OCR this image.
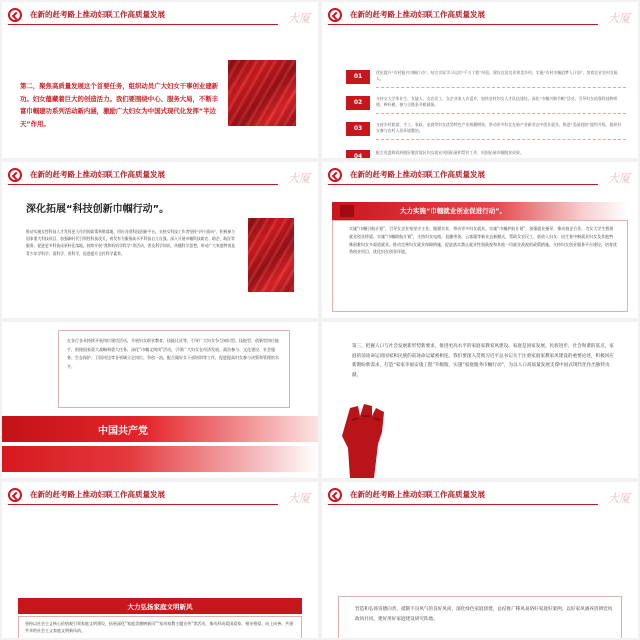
在新的赶考路上推动妇联工作高质量发展	大厦
第二，聚焦高质量发展这个首要任务，组织动员广大妇女干事创业建新功。妇女蕴藏着巨大的创造活力。我们要围绕中心、服务大局，不断丰富巾帼建功系列活动新内涵，激励广大妇女为中国式现代化发挥“半边天”作用。
在新的赶考路上推动妇联工作高质量发展	大厦
01
优化提升“乡村振兴巾帼行动”，结合实际学习运用“千万工程”经验，建设宜居宜业和美乡村。实施“乡村巾帼追梦人计划”，培育农业农村女能人。
02
支持女大学毕业生、女能人、女农民工、女企业家入乡返乡，加快农村妇女人才队伍建设。深化“巾帼兴粮节粮”活动，引导妇女依靠科技种养殖、种好粮、参与全链条节粮减损。
03
支持乡村旅游、手工、家政、电商等妇女优势特色产业规模增效，带动更多妇女在新产业新业态中创业就业。推进“美丽庭院”提档升级，组织妇女参与农村人居环境整治。
04
配合党委和政府做好脱贫地区妇女就业巩固拓展和帮扶工作，巩固拓展巾帼脱贫成果。
在新的赶考路上推动妇联工作高质量发展	大厦
深化拓展“科技创新巾帼行动”。
推动实施女性科技人才发挥更大作用的政策举措落地，用好各类科技创新平台，支持女科技工作者坚持“四个面向”，积极参与国家重大科技项目，加强新时代引领性科技攻关，着发有为服务高水平科技自立自强。深入开展巾帼科技助农、助企、助医等服务，促进更多科技成果转化落地。持续开展“我和妈妈学科学”等活动，普及科学知识，传播科学思想，带动广大家庭特别是青少年学科学、爱科学、用科学，促进提升全民科学素养。
在新的赶考路上推动妇联工作高质量发展	大厦
大力实施“巾帼就业创业促进行动”。
实施“巾帼引航计划”，引导女企业家坚守主业、做强实业，带动更多妇女就业。实施“巾帼护航计划”，加强就业指导，推动校企合作，为女大学生搭建就业创业桥梁。实施“巾帼助航计划”，支持妇女电商、直播带货、云客服等新业态新模式，帮助女农民工、低收入妇女、因生育中断就业妇女及其他特殊困难妇女多渠道就业。推动完善妇女就业保障措施，促进落实禁止就业性别歧视和其他一切就业歧视的政策措施，支持妇女创业服务平台建设，培育优秀创业项目，优化妇女创业环境。
在各行各业持续开展岗位建功活动，开展妇女职业教育、技能比武等，引导广大妇女争当知识型、技能型、创新型岗位能手，围绕国家重大战略和重大任务，深化“巾帼文明岗”活动，引领广大妇女在经济发展、政治参与、文化建设、社会服务、生态保护、卫国戍边等各领域立足岗位、争创一流。配合做好女干部培训等工作，促进提高妇女参与决策和管理的水平。
中国共产党
第三，把握人口与社会发展新形势新要求，推进更高水平的家庭家教家风建设。家庭是国家发展、民族进步、社会和谐的基点，家庭的前途命运同国家和民族的前途命运紧密相连。我们要深入贯彻习近平总书记关于注重家庭家教家风建设的重要论述，积极回应新期盼新需求，打造“家家幸福安康工程”升级版，实施“家庭服务巾帼行动”，为以人口高质量发展支撑中国式现代化作出独特贡献。
在新的赶考路上推动妇联工作高质量发展	大厦
大力弘扬家庭文明新风
坚持以社会主义核心价值观引领家庭文明建设，拓展深化“家庭美德树新风”“家风家教主题宣传”等活动，推动形成爱国爱家、相亲相爱、向上向善、共建共享的社会主义家庭文明新风尚。
在新的赶考路上推动妇联工作高质量发展	大厦
营造和弘扬崇德向善、抵制不良风气的良好风尚，深化绿色家庭创建，总结推广移风易俗好家庭好案例，以好家风涵养清朗党风政风社风，建好用好家庭建设研究阵地。
